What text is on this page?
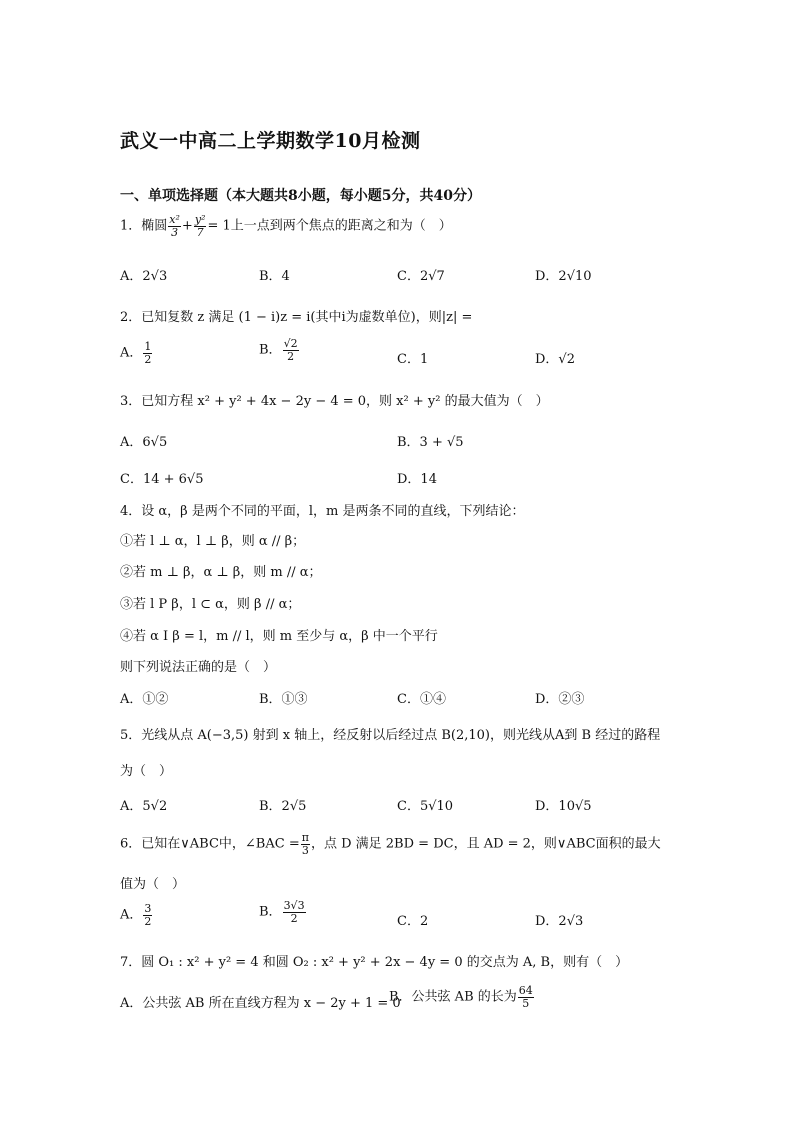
武义一中高二上学期数学10月检测
一、单项选择题（本大题共8小题，每小题5分，共40分）
1．椭圆 $\frac{\text{x²}}{3} + \frac{\text{y²}}{7} = 1$上一点到两个焦点的距离之和为（　）
A．2√3	B．4	C．2√7	D．2√10
2．已知复数 z 满足 (1 − i)z = i(其中i为虚数单位)，则|z| =
A． $\frac{1}{2}$	B． $\frac{√2}{2}$	C．1	D．√2
3．已知方程 x² + y² + 4x − 2y − 4 = 0，则 x² + y² 的最大值为（　）
A．6√5	B．3 + √5
C．14 + 6√5	D．14
4．设 α，β 是两个不同的平面，l，m 是两条不同的直线，下列结论：
①若 l ⊥ α，l ⊥ β，则 α // β；
②若 m ⊥ β，α ⊥ β，则 m // α；
③若 l P β，l ⊂ α，则 β // α；
④若 α I β = l，m // l，则 m 至少与 α，β 中一个平行
则下列说法正确的是（　）
A．①②	B．①③	C．①④	D．②③
5．光线从点 A(−3,5) 射到 x 轴上，经反射以后经过点 B(2,10)，则光线从A到 B 经过的路程
为（　）
A．5√2	B．2√5	C．5√10	D．10√5
6．已知在∨ABC中，∠BAC = $\frac{\pi}{3}$ ，点 D 满足 2BD = DC，且 AD = 2，则∨ABC面积的最大
值为（　）
A． $\frac{3}{2}$	B． $\frac{3√3}{2}$	C．2	D．2√3
7．圆 O₁ : x² + y² = 4 和圆 O₂ : x² + y² + 2x − 4y = 0 的交点为 A, B，则有（　）
A．公共弦 AB 所在直线方程为 x − 2y + 1 = 0
B．公共弦 AB 的长为 $\frac{64}{5}$
